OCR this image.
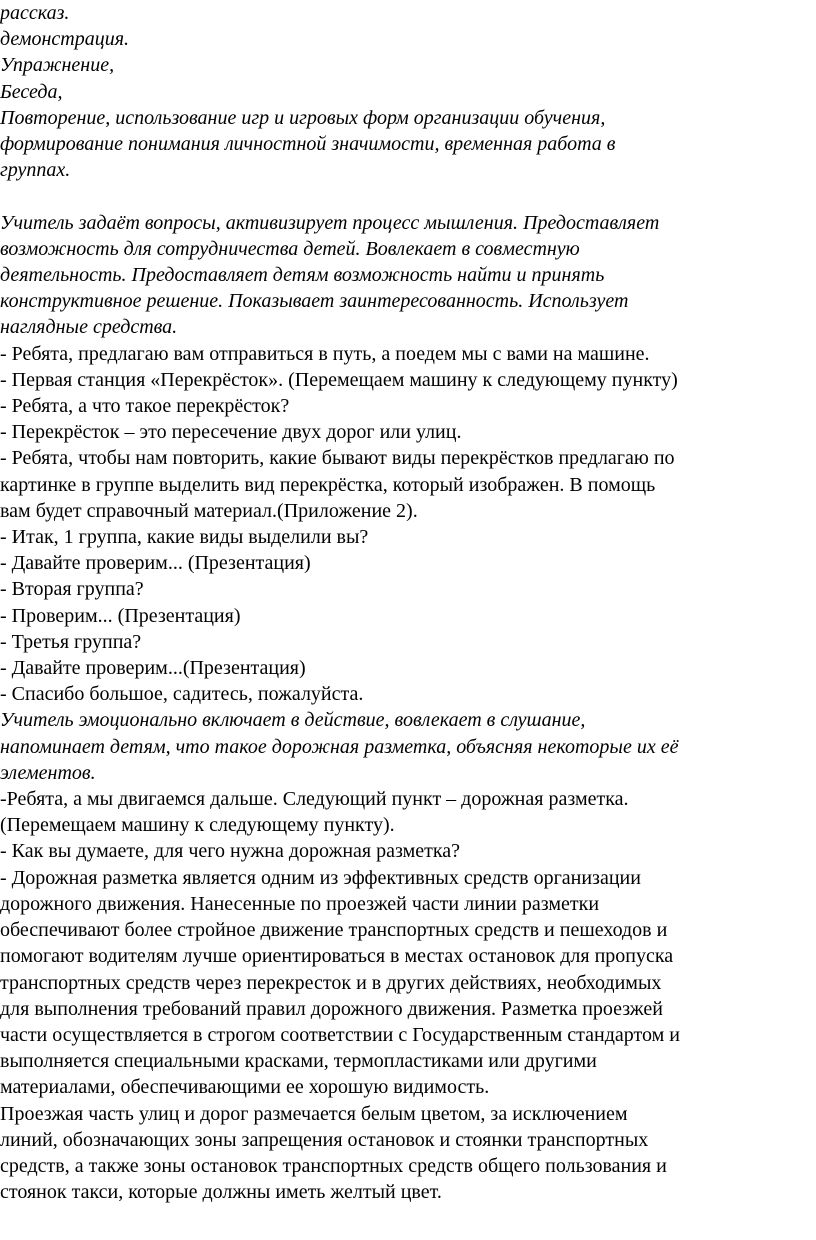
рассказ.
демонстрация.
Упражнение,
Беседа,
Повторение, использование игр и игровых форм организации обучения,
формирование понимания личностной значимости, временная работа в
группах.
Учитель задаёт вопросы, активизирует процесс мышления. Предоставляет
возможность для сотрудничества детей. Вовлекает в совместную
деятельность. Предоставляет детям возможность найти и принять
конструктивное решение. Показывает заинтересованность. Использует
наглядные средства.
- Ребята, предлагаю вам отправиться в путь, а поедем мы с вами на машине.
- Первая станция «Перекрёсток». (Перемещаем машину к следующему пункту)
- Ребята, а что такое перекрёсток?
- Перекрёсток – это пересечение двух дорог или улиц.
- Ребята, чтобы нам повторить, какие бывают виды перекрёстков предлагаю по
картинке в группе выделить вид перекрёстка, который изображен. В помощь
вам будет справочный материал.(Приложение 2).
- Итак, 1 группа, какие виды выделили вы?
- Давайте проверим... (Презентация)
- Вторая группа?
- Проверим... (Презентация)
- Третья группа?
- Давайте проверим...(Презентация)
- Спасибо большое, садитесь, пожалуйста.
Учитель эмоционально включает в действие, вовлекает в слушание,
напоминает детям, что такое дорожная разметка, объясняя некоторые их её
элементов.
-Ребята, а мы двигаемся дальше. Следующий пункт – дорожная разметка.
(Перемещаем машину к следующему пункту).
- Как вы думаете, для чего нужна дорожная разметка?
- Дорожная разметка является одним из эффективных средств организации
дорожного движения. Нанесенные по проезжей части линии разметки
обеспечивают более стройное движение транспортных средств и пешеходов и
помогают водителям лучше ориентироваться в местах остановок для пропуска
транспортных средств через перекресток и в других действиях, необходимых
для выполнения требований правил дорожного движения. Разметка проезжей
части осуществляется в строгом соответствии с Государственным стандартом и
выполняется специальными красками, термопластиками или другими
материалами, обеспечивающими ее хорошую видимость.
Проезжая часть улиц и дорог размечается белым цветом, за исключением
линий, обозначающих зоны запрещения остановок и стоянки транспортных
средств, а также зоны остановок транспортных средств общего пользования и
стоянок такси, которые должны иметь желтый цвет.
